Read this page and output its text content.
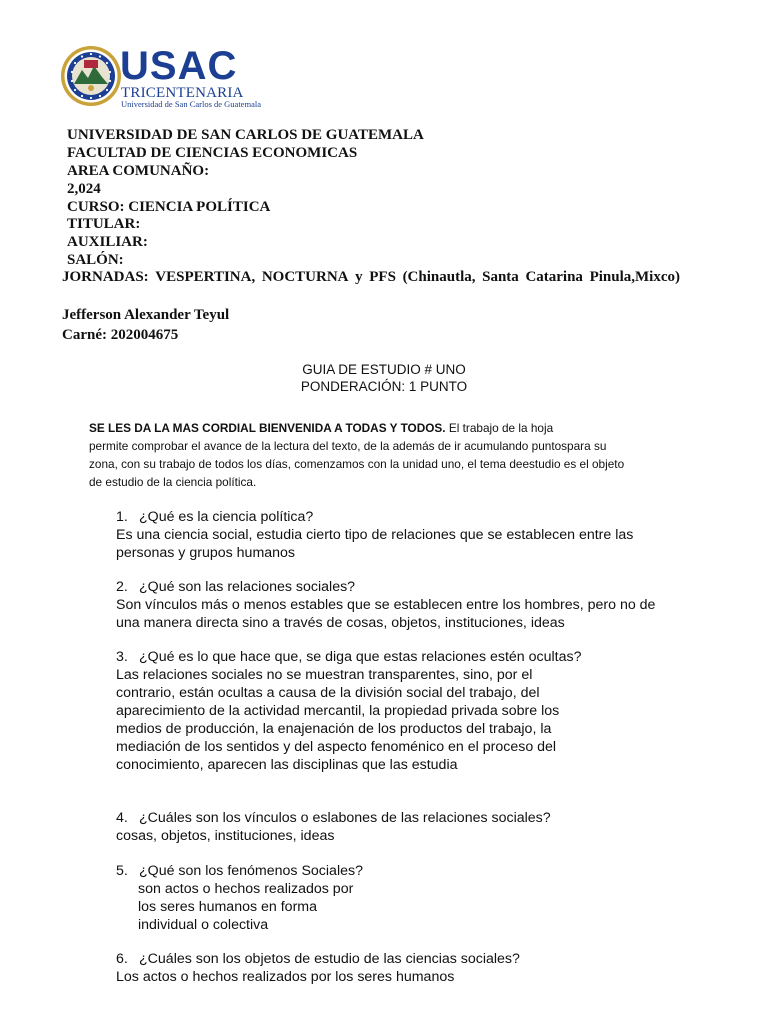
USAC
TRICENTENARIA
Universidad de San Carlos de Guatemala
UNIVERSIDAD DE SAN CARLOS DE GUATEMALA
FACULTAD DE CIENCIAS ECONOMICAS
AREA COMUNAÑO:
2,024
CURSO: CIENCIA POLÍTICA
TITULAR:
AUXILIAR:
SALÓN:
JORNADAS: VESPERTINA, NOCTURNA y PFS (Chinautla, Santa Catarina Pinula,Mixco)
Jefferson Alexander Teyul
Carné: 202004675
GUIA DE ESTUDIO # UNO
PONDERACIÓN: 1 PUNTO
SE LES DA LA MAS CORDIAL BIENVENIDA A TODAS Y TODOS. El trabajo de la hoja
permite comprobar el avance de la lectura del texto, de la además de ir acumulando puntospara su
zona, con su trabajo de todos los días, comenzamos con la unidad uno, el tema deestudio es el objeto
de estudio de la ciencia política.
1. ¿Qué es la ciencia política?
Es una ciencia social, estudia cierto tipo de relaciones que se establecen entre las
personas y grupos humanos
2. ¿Qué son las relaciones sociales?
Son vínculos más o menos estables que se establecen entre los hombres, pero no de
una manera directa sino a través de cosas, objetos, instituciones, ideas
3. ¿Qué es lo que hace que, se diga que estas relaciones estén ocultas?
Las relaciones sociales no se muestran transparentes, sino, por el
contrario, están ocultas a causa de la división social del trabajo, del
aparecimiento de la actividad mercantil, la propiedad privada sobre los
medios de producción, la enajenación de los productos del trabajo, la
mediación de los sentidos y del aspecto fenoménico en el proceso del
conocimiento, aparecen las disciplinas que las estudia
4. ¿Cuáles son los vínculos o eslabones de las relaciones sociales?
cosas, objetos, instituciones, ideas
5. ¿Qué son los fenómenos Sociales?
son actos o hechos realizados por
los seres humanos en forma
individual o colectiva
6. ¿Cuáles son los objetos de estudio de las ciencias sociales?
Los actos o hechos realizados por los seres humanos
